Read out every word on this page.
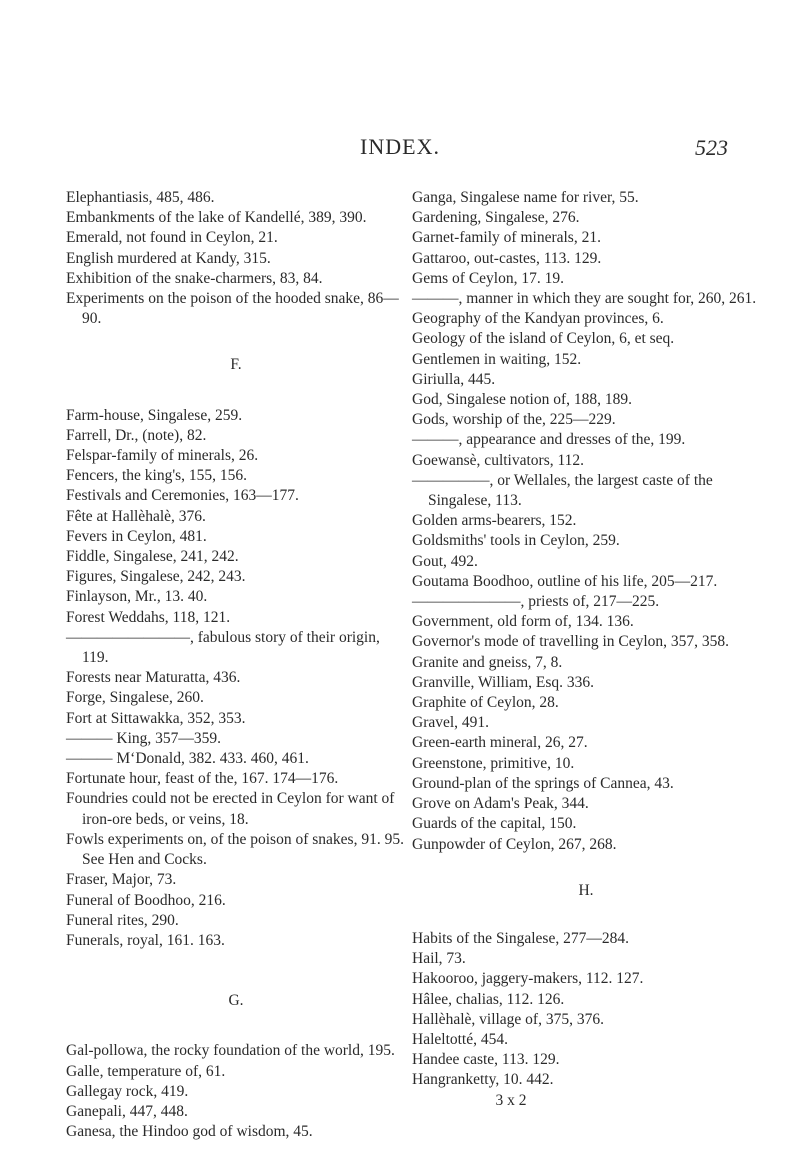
INDEX.	523

Elephantiasis, 485, 486.

Embankments of the lake of Kandellé, 389, 390.

Emerald, not found in Ceylon, 21.

English murdered at Kandy, 315.

Exhibition of the snake-charmers, 83, 84.

Experiments on the poison of the hooded snake, 86—90.

F.

Farm-house, Singalese, 259.

Farrell, Dr., (note), 82.

Felspar-family of minerals, 26.

Fencers, the king's, 155, 156.

Festivals and Ceremonies, 163—177.

Fête at Hallèhalè, 376.

Fevers in Ceylon, 481.

Fiddle, Singalese, 241, 242.

Figures, Singalese, 242, 243.

Finlayson, Mr., 13. 40.

Forest Weddahs, 118, 121.

————————, fabulous story of their origin, 119.

Forests near Maturatta, 436.

Forge, Singalese, 260.

Fort at Sittawakka, 352, 353.

——— King, 357—359.

——— M‘Donald, 382. 433. 460, 461.

Fortunate hour, feast of the, 167. 174—176.

Foundries could not be erected in Ceylon for want of iron-ore beds, or veins, 18.

Fowls experiments on, of the poison of snakes, 91. 95. See Hen and Cocks.

Fraser, Major, 73.

Funeral of Boodhoo, 216.

Funeral rites, 290.

Funerals, royal, 161. 163.

G.

Gal-pollowa, the rocky foundation of the world, 195.

Galle, temperature of, 61.

Gallegay rock, 419.

Ganepali, 447, 448.

Ganesa, the Hindoo god of wisdom, 45.

Ganga, Singalese name for river, 55.

Gardening, Singalese, 276.

Garnet-family of minerals, 21.

Gattaroo, out-castes, 113. 129.

Gems of Ceylon, 17. 19.

———, manner in which they are sought for, 260, 261.

Geography of the Kandyan provinces, 6.

Geology of the island of Ceylon, 6, et seq.

Gentlemen in waiting, 152.

Giriulla, 445.

God, Singalese notion of, 188, 189.

Gods, worship of the, 225—229.

———, appearance and dresses of the, 199.

Goewansè, cultivators, 112.

—————, or Wellales, the largest caste of the Singalese, 113.

Golden arms-bearers, 152.

Goldsmiths' tools in Ceylon, 259.

Gout, 492.

Goutama Boodhoo, outline of his life, 205—217.

———————, priests of, 217—225.

Government, old form of, 134. 136.

Governor's mode of travelling in Ceylon, 357, 358.

Granite and gneiss, 7, 8.

Granville, William, Esq. 336.

Graphite of Ceylon, 28.

Gravel, 491.

Green-earth mineral, 26, 27.

Greenstone, primitive, 10.

Ground-plan of the springs of Cannea, 43.

Grove on Adam's Peak, 344.

Guards of the capital, 150.

Gunpowder of Ceylon, 267, 268.

H.

Habits of the Singalese, 277—284.

Hail, 73.

Hakooroo, jaggery-makers, 112. 127.

Hâlee, chalias, 112. 126.

Hallèhalè, village of, 375, 376.

Haleltotté, 454.

Handee caste, 113. 129.

Hangranketty, 10. 442.

3 x 2
